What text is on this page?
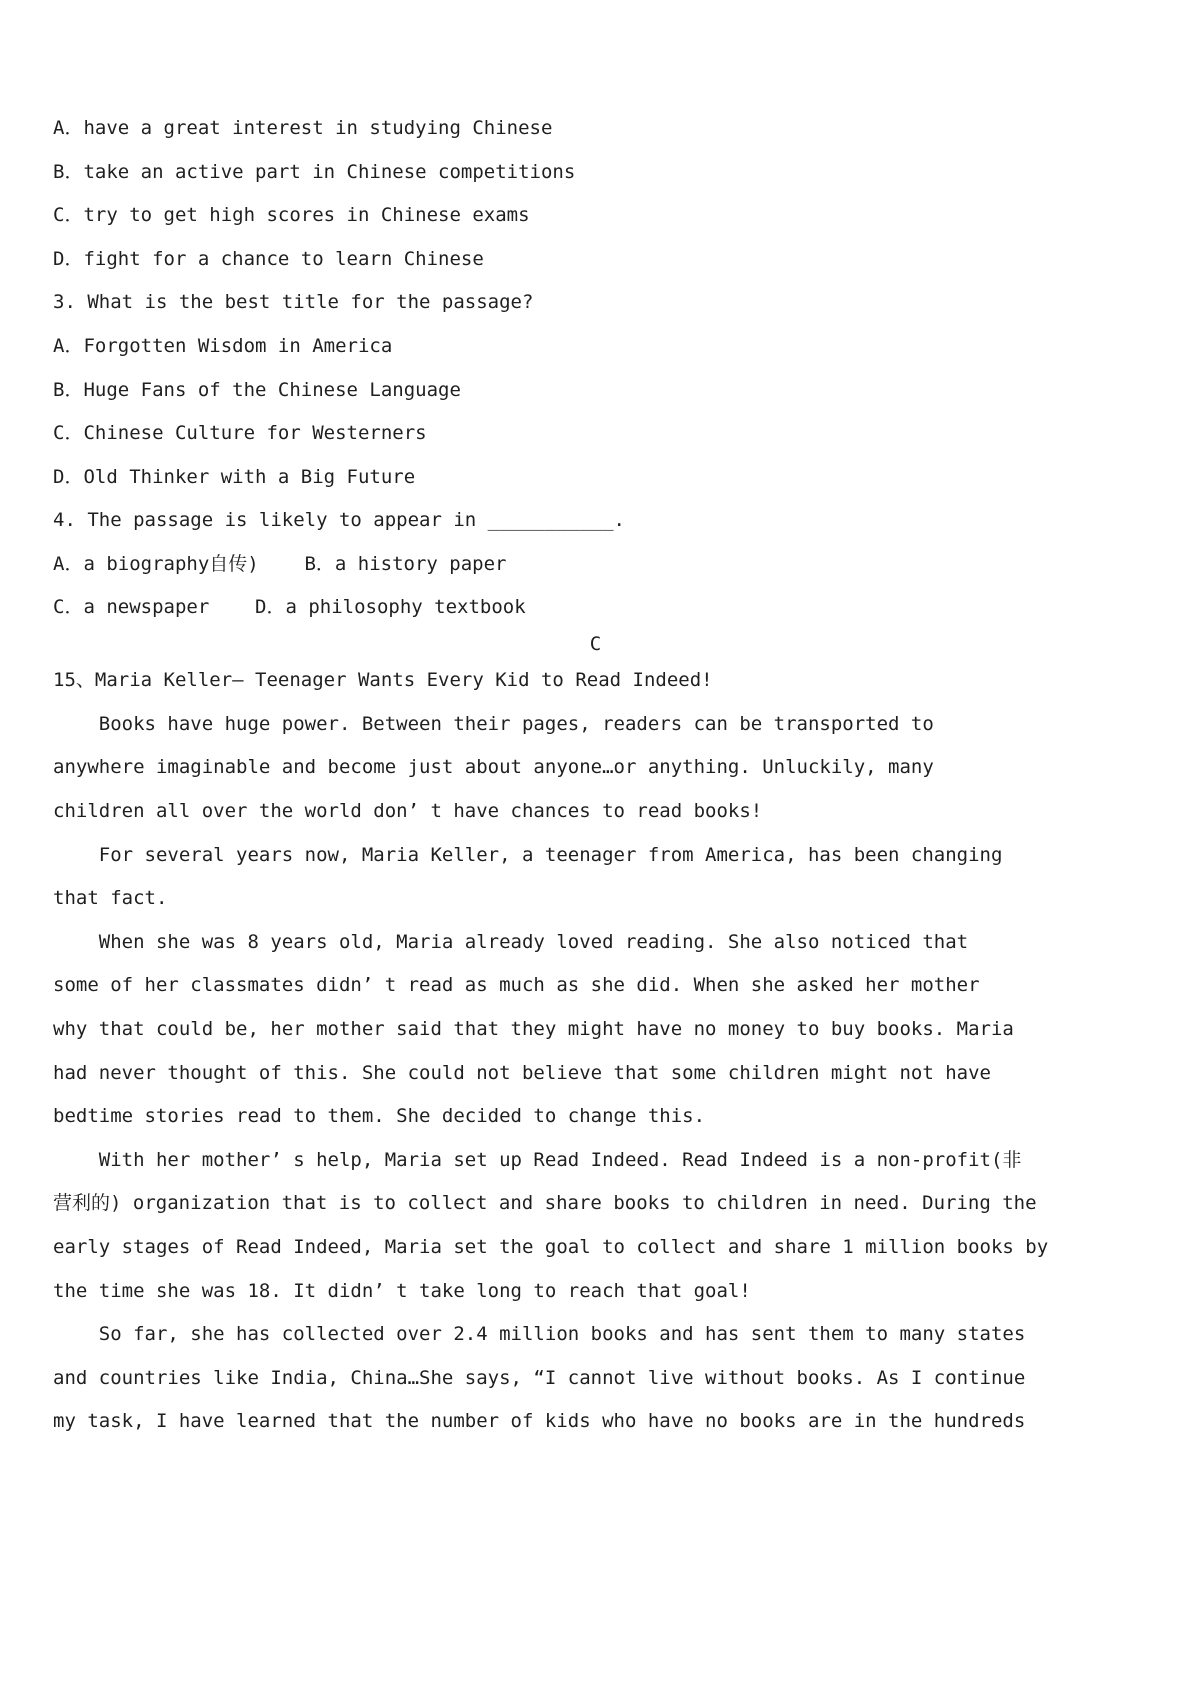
A．have a great interest in studying Chinese
B．take an active part in Chinese competitions
C．try to get high scores in Chinese exams
D．fight for a chance to learn Chinese
3. What is the best title for the passage?
A．Forgotten Wisdom in America
B．Huge Fans of the Chinese Language
C．Chinese Culture for Westerners
D．Old Thinker with a Big Future
4. The passage is likely to appear in ___________.
A．a biography自传)    B．a history paper
C．a newspaper    D．a philosophy textbook
C
15、Maria Keller— Teenager Wants Every Kid to Read Indeed!
Books have huge power. Between their pages, readers can be transported to
anywhere imaginable and become just about anyone…or anything. Unluckily, many
children all over the world don’ t have chances to read books!
For several years now, Maria Keller, a teenager from America, has been changing
that fact.
When she was 8 years old, Maria already loved reading. She also noticed that
some of her classmates didn’ t read as much as she did. When she asked her mother
why that could be, her mother said that they might have no money to buy books. Maria
had never thought of this. She could not believe that some children might not have
bedtime stories read to them. She decided to change this.
With her mother’ s help, Maria set up Read Indeed. Read Indeed is a non-profit(非
营利的) organization that is to collect and share books to children in need. During the
early stages of Read Indeed, Maria set the goal to collect and share 1 million books by
the time she was 18. It didn’ t take long to reach that goal!
So far, she has collected over 2.4 million books and has sent them to many states
and countries like India, China…She says, “I cannot live without books. As I continue
my task, I have learned that the number of kids who have no books are in the hundreds
